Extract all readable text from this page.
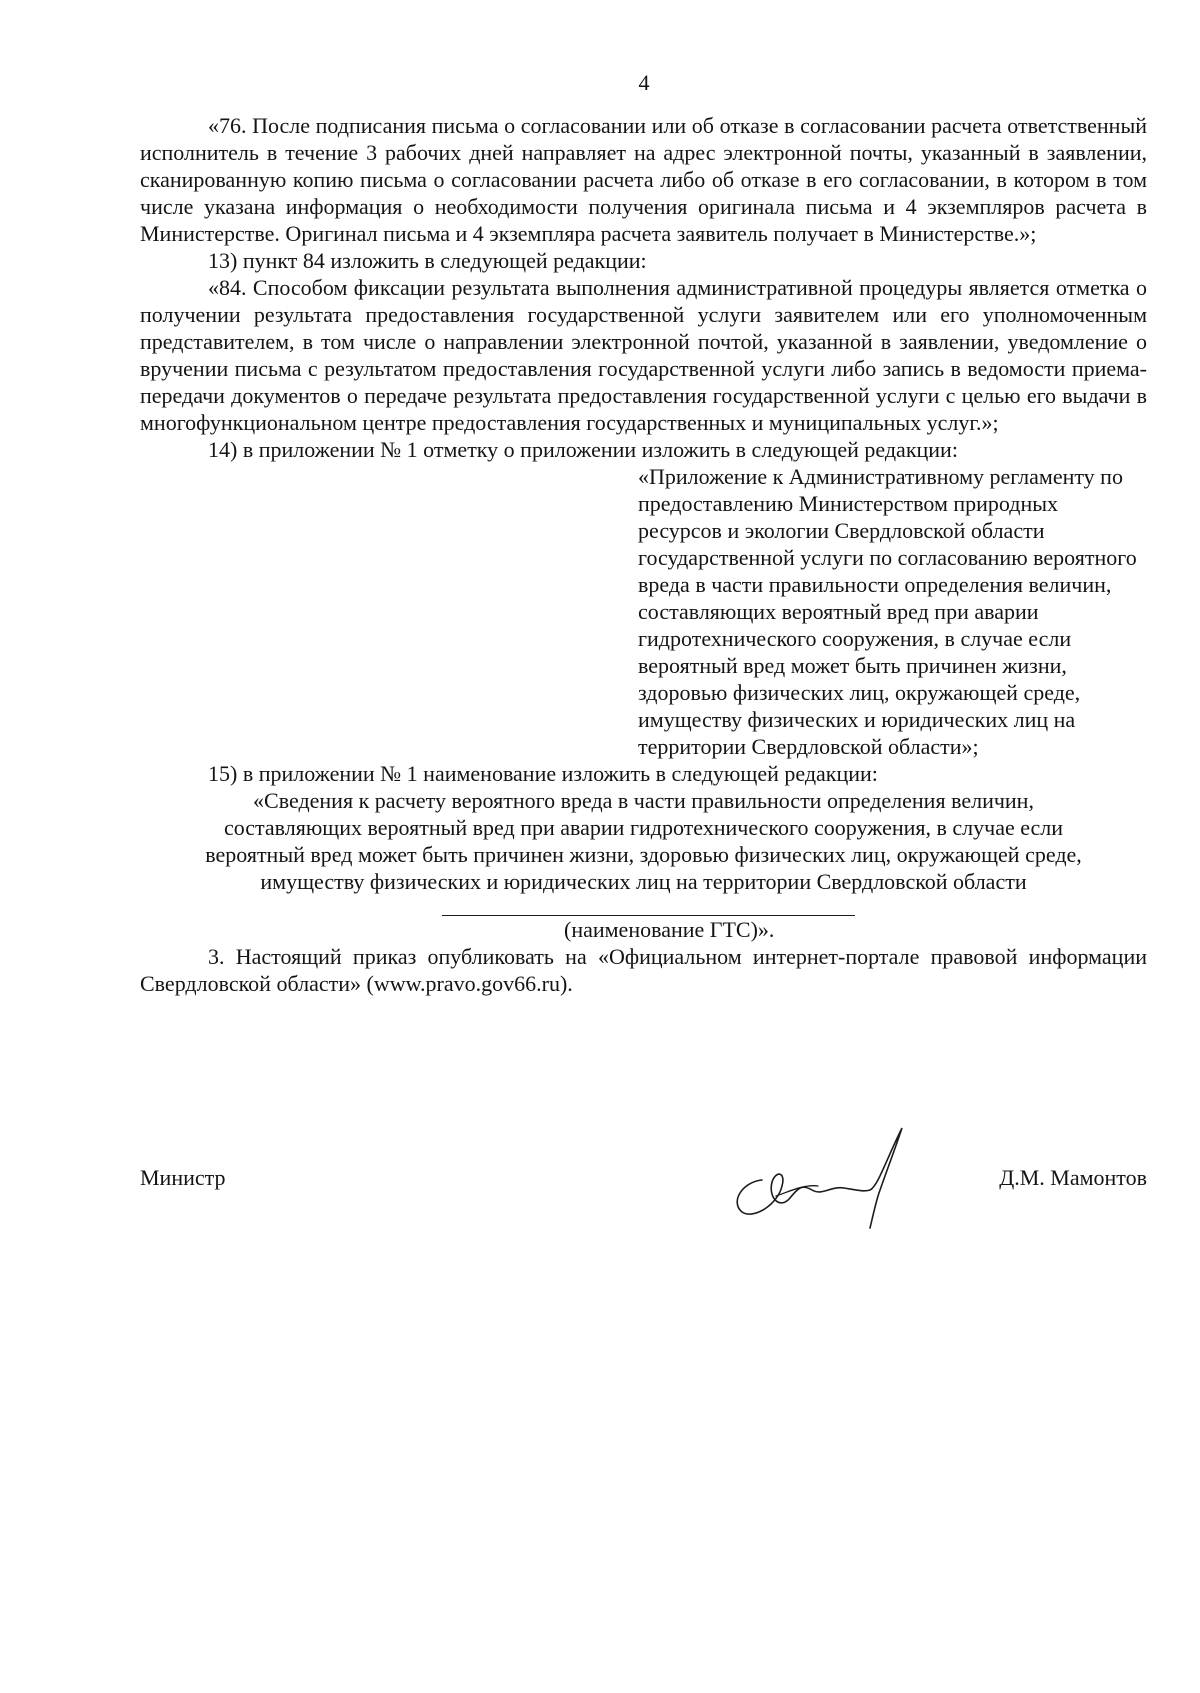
4

«76. После подписания письма о согласовании или об отказе в согласовании расчета ответственный исполнитель в течение 3 рабочих дней направляет на адрес электронной почты, указанный в заявлении, сканированную копию письма о согласовании расчета либо об отказе в его согласовании, в котором в том числе указана информация о необходимости получения оригинала письма и 4 экземпляров расчета в Министерстве. Оригинал письма и 4 экземпляра расчета заявитель получает в Министерстве.»;

13) пункт 84 изложить в следующей редакции:

«84. Способом фиксации результата выполнения административной процедуры является отметка о получении результата предоставления государственной услуги заявителем или его уполномоченным представителем, в том числе о направлении электронной почтой, указанной в заявлении, уведомление о вручении письма с результатом предоставления государственной услуги либо запись в ведомости приема-передачи документов о передаче результата предоставления государственной услуги с целью его выдачи в многофункциональном центре предоставления государственных и муниципальных услуг.»;

14) в приложении № 1 отметку о приложении изложить в следующей редакции:

«Приложение к Административному регламенту по предоставлению Министерством природных ресурсов и экологии Свердловской области государственной услуги по согласованию вероятного вреда в части правильности определения величин, составляющих вероятный вред при аварии гидротехнического сооружения, в случае если вероятный вред может быть причинен жизни, здоровью физических лиц, окружающей среде, имуществу физических и юридических лиц на территории Свердловской области»;

15) в приложении № 1 наименование изложить в следующей редакции:

«Сведения к расчету вероятного вреда в части правильности определения величин,
составляющих вероятный вред при аварии гидротехнического сооружения, в случае если
вероятный вред может быть причинен жизни, здоровью физических лиц, окружающей среде,
имуществу физических и юридических лиц на территории Свердловской области

(наименование ГТС)».

3. Настоящий приказ опубликовать на «Официальном интернет-портале правовой информации Свердловской области» (www.pravo.gov66.ru).

Министр	Д.М. Мамонтов
